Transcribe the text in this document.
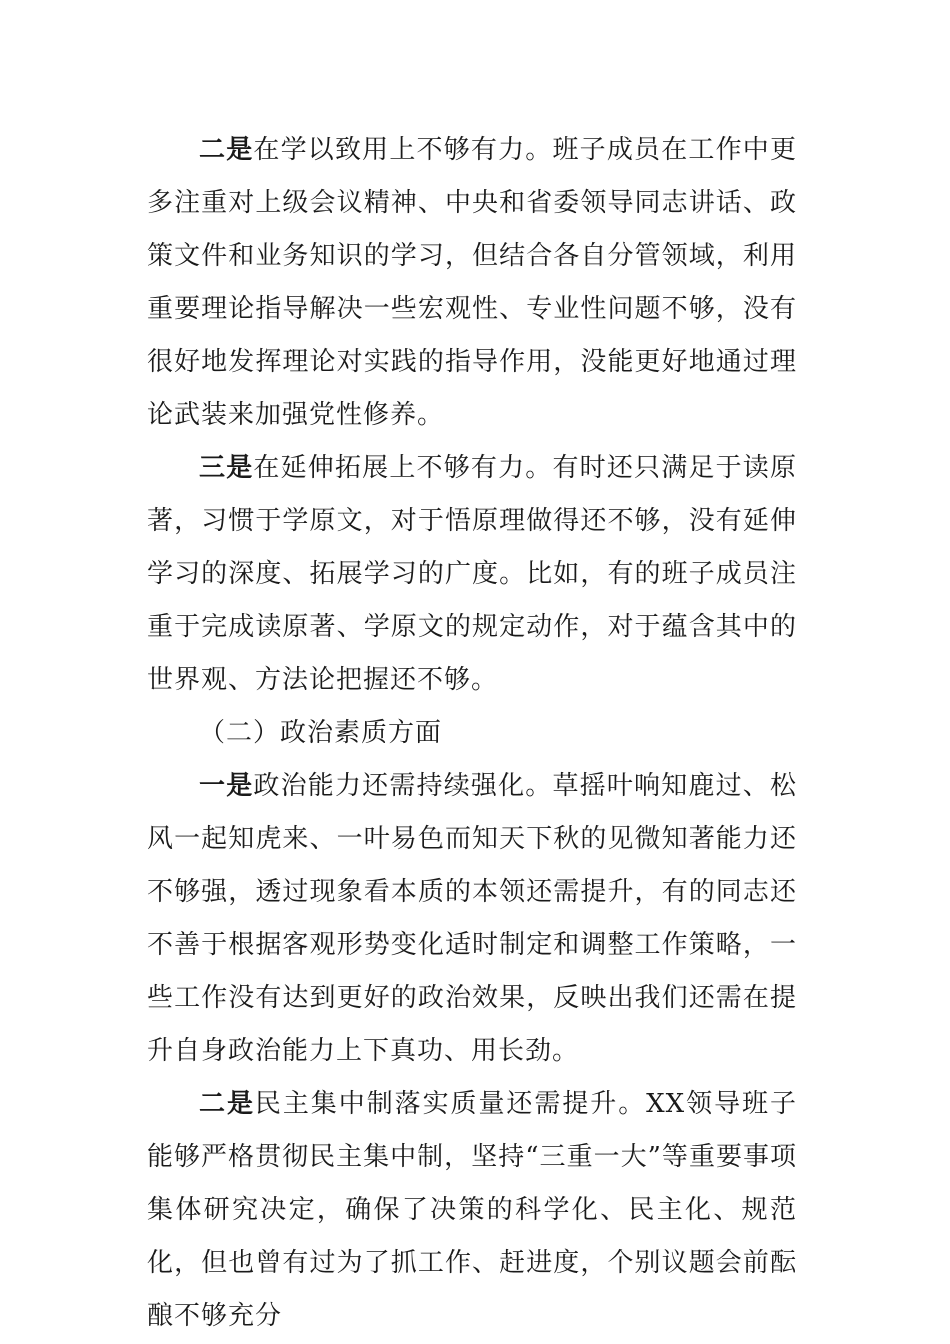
二是在学以致用上不够有力。班子成员在工作中更多注重对上级会议精神、中央和省委领导同志讲话、政策文件和业务知识的学习，但结合各自分管领域，利用重要理论指导解决一些宏观性、专业性问题不够，没有很好地发挥理论对实践的指导作用，没能更好地通过理论武装来加强党性修养。

三是在延伸拓展上不够有力。有时还只满足于读原著，习惯于学原文，对于悟原理做得还不够，没有延伸学习的深度、拓展学习的广度。比如，有的班子成员注重于完成读原著、学原文的规定动作，对于蕴含其中的世界观、方法论把握还不够。

（二）政治素质方面

一是政治能力还需持续强化。草摇叶响知鹿过、松风一起知虎来、一叶易色而知天下秋的见微知著能力还不够强，透过现象看本质的本领还需提升，有的同志还不善于根据客观形势变化适时制定和调整工作策略，一些工作没有达到更好的政治效果，反映出我们还需在提升自身政治能力上下真功、用长劲。

二是民主集中制落实质量还需提升。XX领导班子能够严格贯彻民主集中制，坚持“三重一大”等重要事项集体研究决定，确保了决策的科学化、民主化、规范化，但也曾有过为了抓工作、赶进度，个别议题会前酝酿不够充分
